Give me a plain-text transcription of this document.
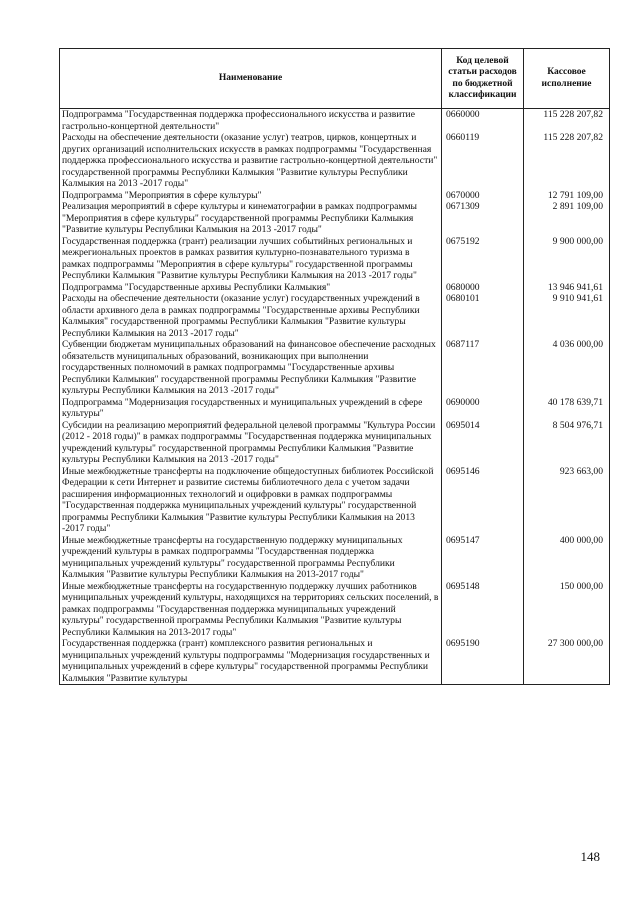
Наименование	Код целевой статьи расходов по бюджетной классификации	Кассовое исполнение
Подпрограмма "Государственная поддержка профессионального искусства и развитие гастрольно-концертной деятельности"	0660000	115 228 207,82
Расходы на обеспечение деятельности (оказание услуг) театров, цирков, концертных и других организаций исполнительских искусств в рамках подпрограммы "Государственная поддержка профессионального искусства и развитие гастрольно-концертной деятельности" государственной программы Республики Калмыкия "Развитие культуры Республики Калмыкия на 2013 -2017 годы"	0660119	115 228 207,82
Подпрограмма "Мероприятия в сфере культуры"	0670000	12 791 109,00
Реализация мероприятий в сфере культуры и кинематографии в рамках подпрограммы "Мероприятия в сфере культуры" государственной программы Республики Калмыкия "Развитие культуры Республики Калмыкия на 2013 -2017 годы"	0671309	2 891 109,00
Государственная поддержка (грант) реализации лучших событийных региональных и межрегиональных проектов в рамках развития культурно-познавательного туризма в рамках подпрограммы "Мероприятия в сфере культуры" государственной программы Республики Калмыкия "Развитие культуры Республики Калмыкия на 2013 -2017 годы"	0675192	9 900 000,00
Подпрограмма "Государственные архивы Республики Калмыкия"	0680000	13 946 941,61
Расходы на обеспечение деятельности (оказание услуг) государственных учреждений в области архивного дела в рамках подпрограммы "Государственные архивы Республики Калмыкия" государственной программы Республики Калмыкия "Развитие культуры Республики Калмыкия на 2013 -2017 годы"	0680101	9 910 941,61
Субвенции бюджетам муниципальных образований на финансовое обеспечение расходных обязательств муниципальных образований, возникающих при выполнении государственных полномочий в рамках подпрограммы "Государственные архивы Республики Калмыкия" государственной программы Республики Калмыкия "Развитие культуры Республики Калмыкия на 2013 -2017 годы"	0687117	4 036 000,00
Подпрограмма "Модернизация государственных и муниципальных учреждений в сфере культуры"	0690000	40 178 639,71
Субсидии на реализацию мероприятий федеральной целевой программы "Культура России (2012 - 2018 годы)" в рамках подпрограммы "Государственная поддержка муниципальных учреждений культуры" государственной программы Республики Калмыкия "Развитие культуры Республики Калмыкия на 2013 -2017 годы"	0695014	8 504 976,71
Иные межбюджетные трансферты на подключение общедоступных библиотек Российской Федерации к сети Интернет и развитие системы библиотечного дела с учетом задачи расширения информационных технологий и оцифровки в рамках подпрограммы "Государственная поддержка муниципальных учреждений культуры" государственной программы Республики Калмыкия "Развитие культуры Республики Калмыкия на 2013 -2017 годы"	0695146	923 663,00
Иные межбюджетные трансферты на государственную поддержку муниципальных учреждений культуры в рамках подпрограммы "Государственная поддержка муниципальных учреждений культуры" государственной программы Республики Калмыкия "Развитие культуры Республики Калмыкия на 2013-2017 годы"	0695147	400 000,00
Иные межбюджетные трансферты на государственную поддержку лучших работников муниципальных учреждений культуры, находящихся на территориях сельских поселений, в рамках подпрограммы "Государственная поддержка муниципальных учреждений культуры" государственной программы Республики Калмыкия "Развитие культуры Республики Калмыкия на 2013-2017 годы"	0695148	150 000,00
Государственная поддержка (грант) комплексного развития региональных и муниципальных учреждений культуры подпрограммы "Модернизация государственных и муниципальных учреждений в сфере культуры" государственной программы Республики Калмыкия "Развитие культуры	0695190	27 300 000,00
148
